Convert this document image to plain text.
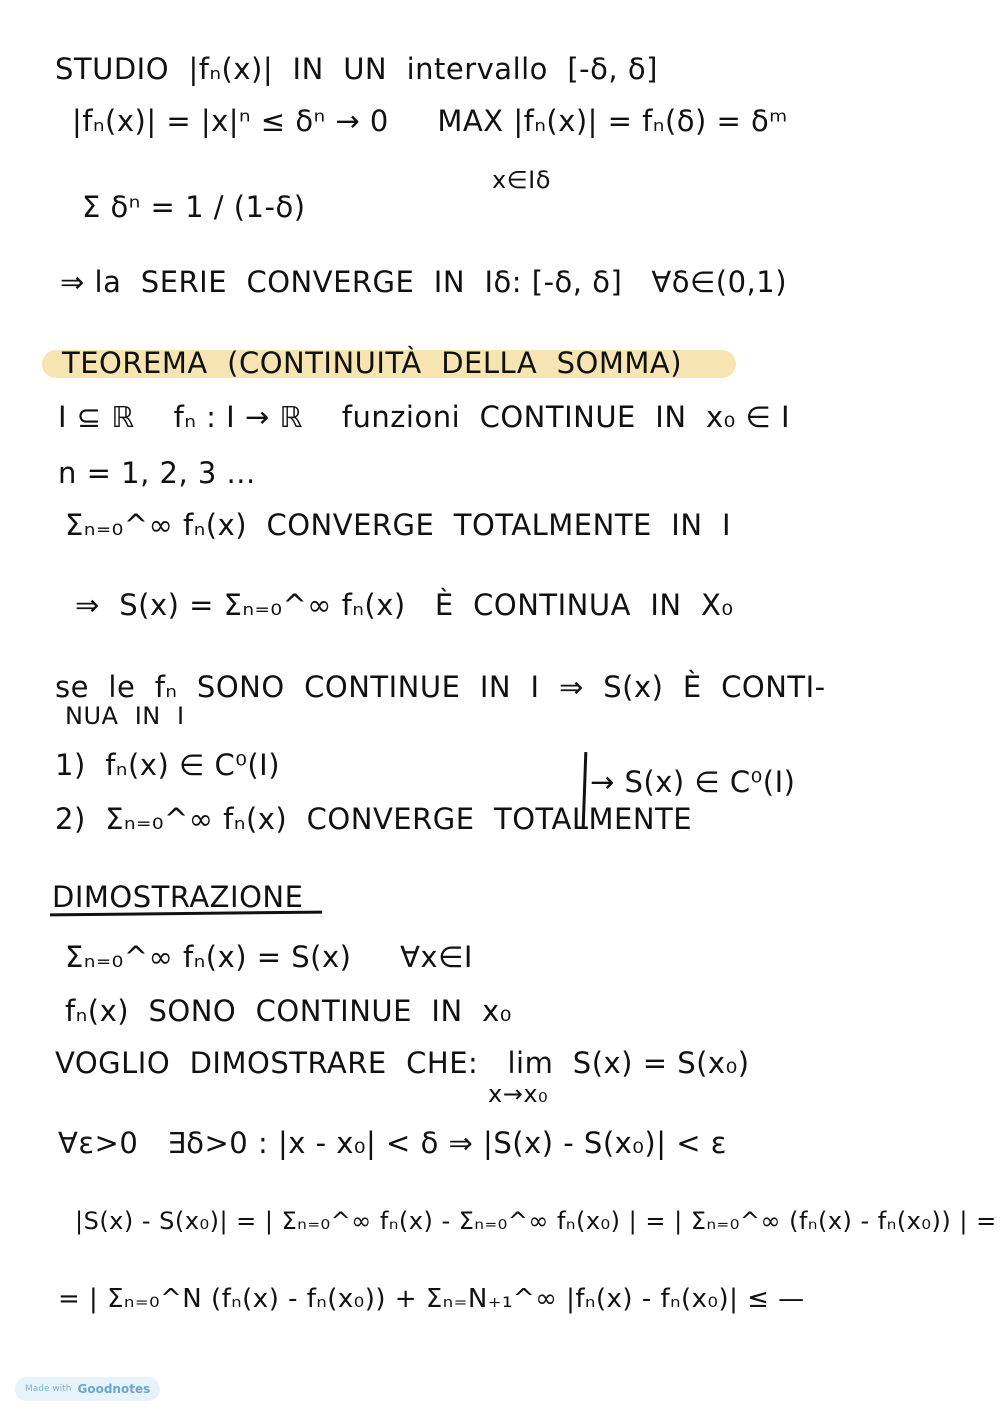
STUDIO  |fₙ(x)|  IN  UN  intervallo  [-δ, δ]
|fₙ(x)| = |x|ⁿ ≤ δⁿ → 0     MAX |fₙ(x)| = fₙ(δ) = δᵐ
x∈Iδ
Σ δⁿ = 1 / (1-δ)
⇒ la  SERIE  CONVERGE  IN  Iδ: [-δ, δ]   ∀δ∈(0,1)
TEOREMA  (CONTINUITÀ  DELLA  SOMMA)
I ⊆ ℝ    fₙ : I → ℝ    funzioni  CONTINUE  IN  x₀ ∈ I
n = 1, 2, 3 ...
Σₙ₌₀^∞ fₙ(x)  CONVERGE  TOTALMENTE  IN  I
⇒  S(x) = Σₙ₌₀^∞ fₙ(x)   È  CONTINUA  IN  X₀
se  le  fₙ  SONO  CONTINUE  IN  I  ⇒  S(x)  È  CONTI-
NUA  IN  I
1)  fₙ(x) ∈ C⁰(I)
2)  Σₙ₌₀^∞ fₙ(x)  CONVERGE  TOTALMENTE
→ S(x) ∈ C⁰(I)
DIMOSTRAZIONE
Σₙ₌₀^∞ fₙ(x) = S(x)     ∀x∈I
fₙ(x)  SONO  CONTINUE  IN  x₀
VOGLIO  DIMOSTRARE  CHE:   lim  S(x) = S(x₀)
x→x₀
∀ε>0   ∃δ>0 : |x - x₀| < δ ⇒ |S(x) - S(x₀)| < ε
|S(x) - S(x₀)| = | Σₙ₌₀^∞ fₙ(x) - Σₙ₌₀^∞ fₙ(x₀) | = | Σₙ₌₀^∞ (fₙ(x) - fₙ(x₀)) | =
= | Σₙ₌₀^N (fₙ(x) - fₙ(x₀)) + Σₙ₌N₊₁^∞ |fₙ(x) - fₙ(x₀)| ≤ —
Made with Goodnotes
